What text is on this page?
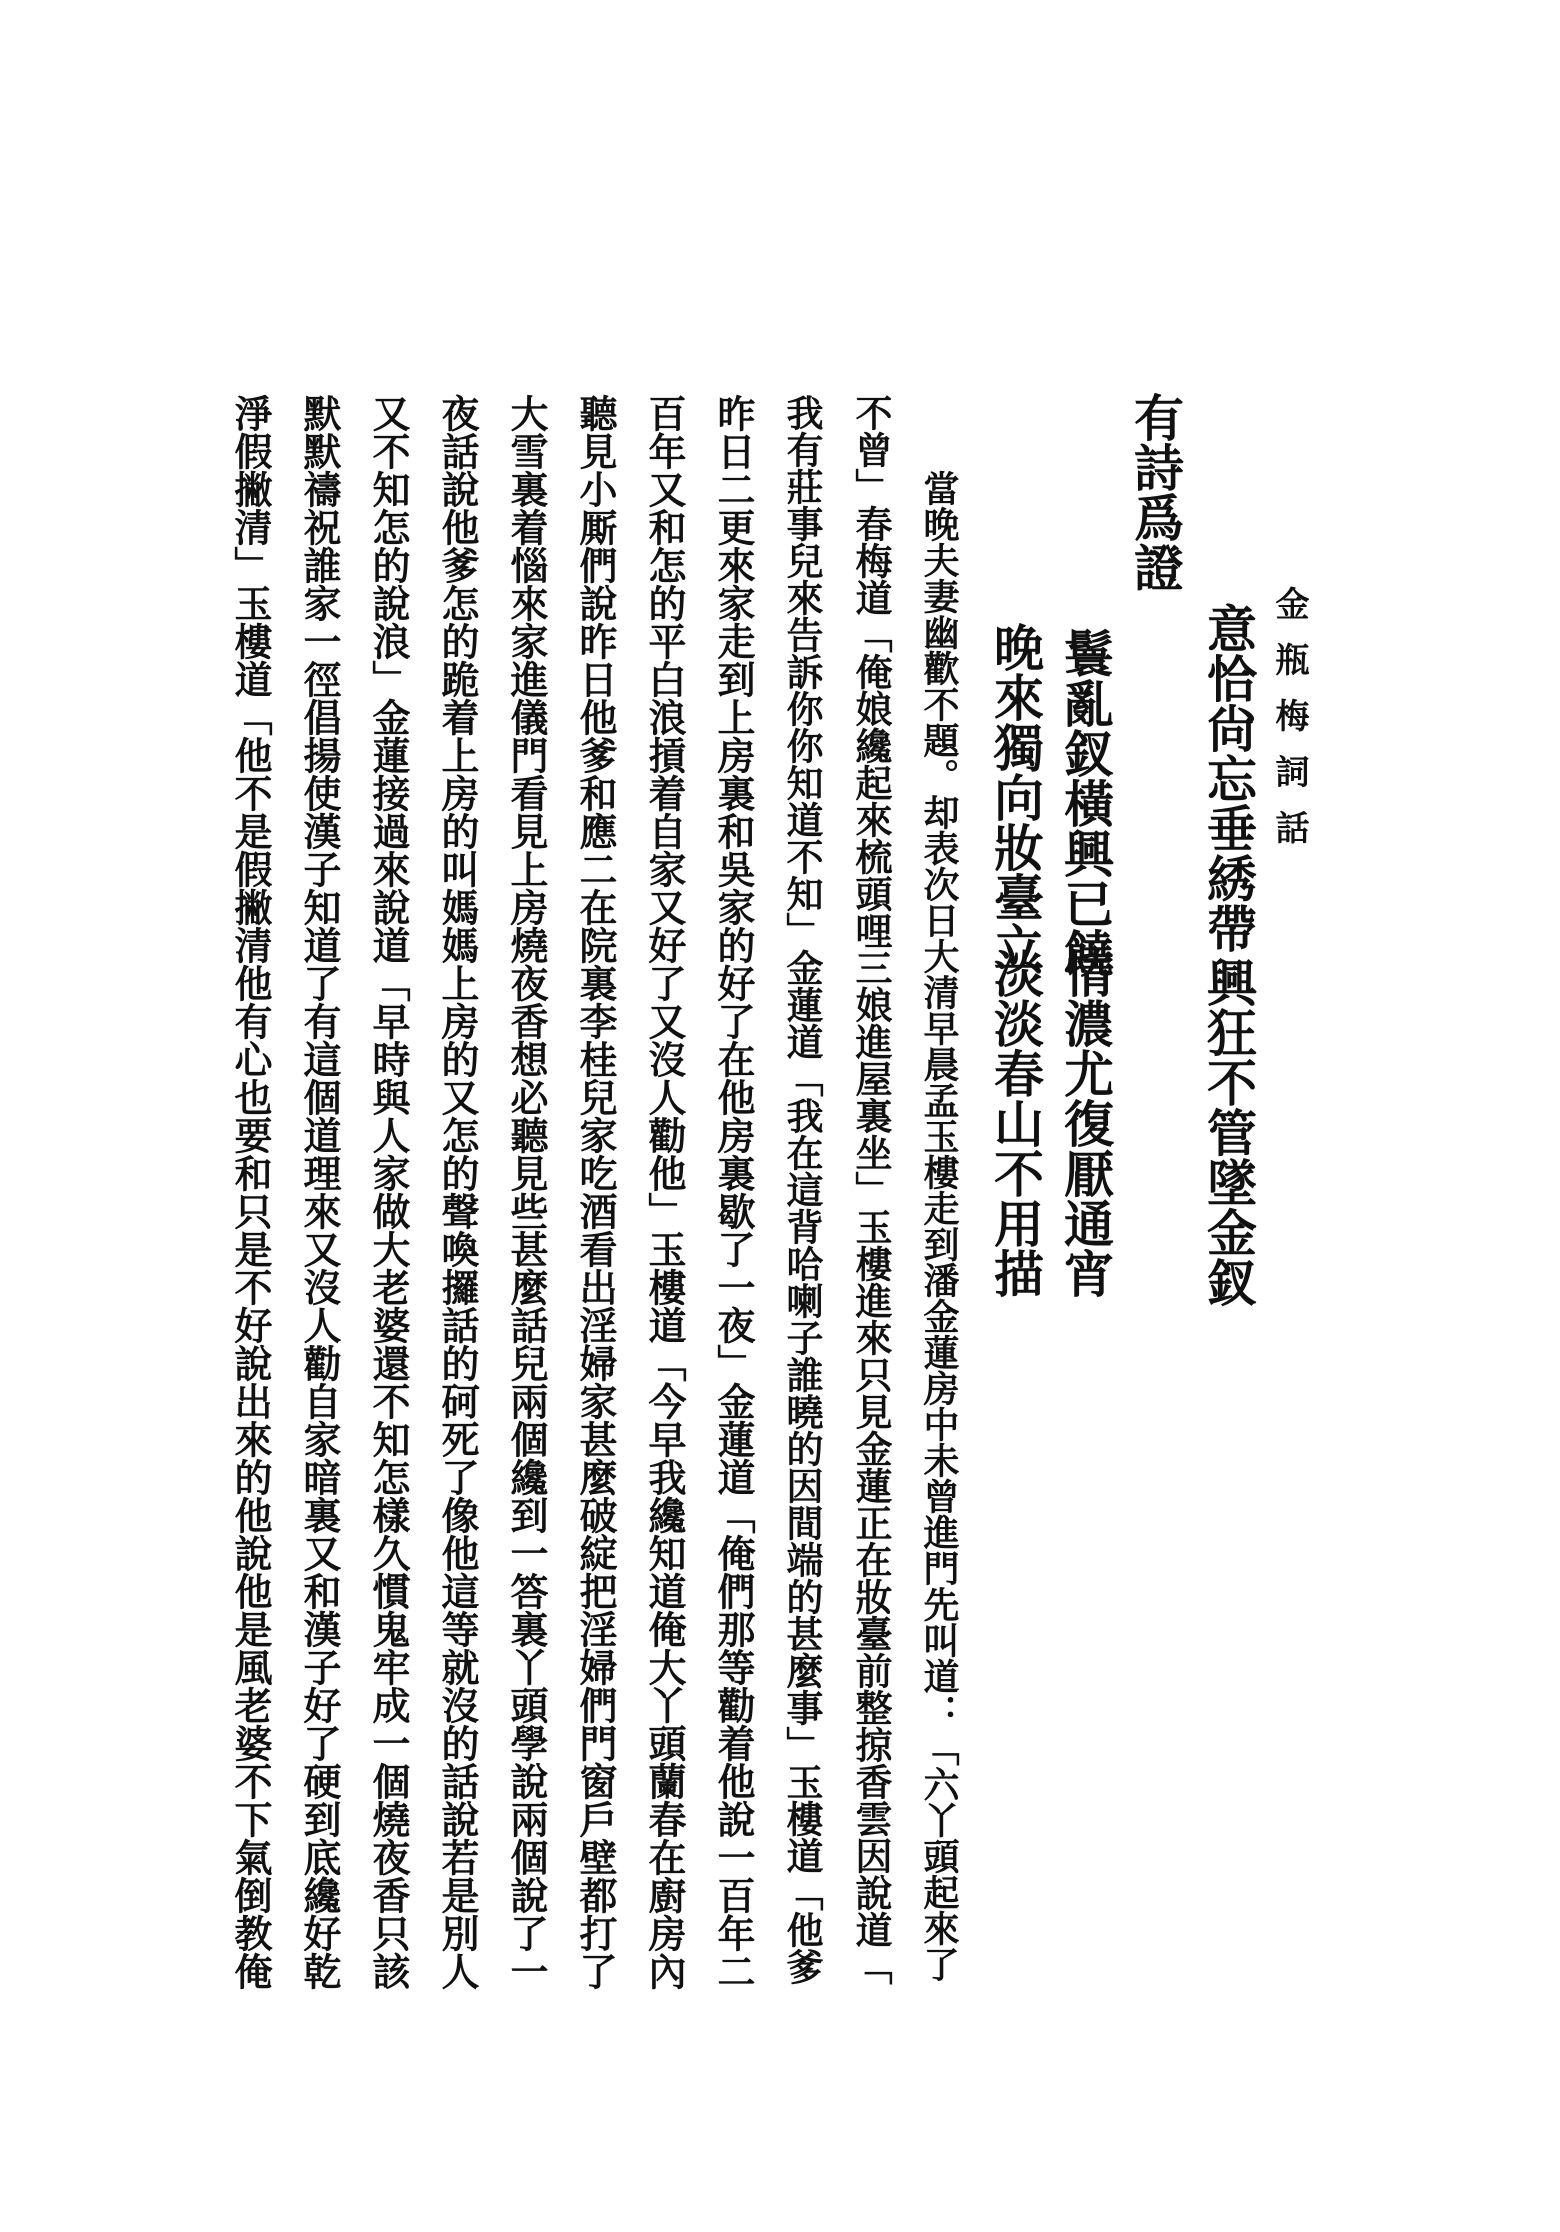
金瓶梅詞話
意恰尙忘垂綉帶
興狂不管墜金釵
鬟亂釵橫興已饒
情濃尤復厭通宵
晚來獨向妝臺立
淡淡春山不用描
有詩爲證
當晚夫妻幽歡不題。却表次日大清早晨孟玉樓走到潘金蓮房中未曾進門先叫道：「六丫頭起來了
不曾」春梅道「俺娘纔起來梳頭哩三娘進屋裏坐」玉樓進來只見金蓮正在妝臺前整掠香雲因說道「
我有莊事兒來告訴你你知道不知」金蓮道「我在這背哈喇子誰曉的因間端的甚麼事」玉樓道「他爹
昨日二更來家走到上房裏和吳家的好了在他房裏歇了一夜」金蓮道「俺們那等勸着他說一百年二
百年又和怎的平白浪摃着自家又好了又沒人勸他」玉樓道「今早我纔知道俺大丫頭蘭春在廚房內
聽見小厮們說昨日他爹和應二在院裏李桂兒家吃酒看出淫婦家甚麼破綻把淫婦們門窗戶壁都打了
大雪裏着惱來家進儀門看見上房燒夜香想必聽見些甚麼話兒兩個纔到一答裏丫頭學說兩個說了一
夜話說他爹怎的跪着上房的叫媽媽上房的又怎的聲喚攞話的砢死了像他這等就沒的話說若是別人
又不知怎的說浪」金蓮接過來說道「早時與人家做大老婆還不知怎樣久慣鬼牢成一個燒夜香只該
默默禱祝誰家一徑倡揚使漢子知道了有這個道理來又沒人勸自家暗裏又和漢子好了硬到底纔好乾
淨假撇清」玉樓道「他不是假撇清他有心也要和只是不好說出來的他說他是風老婆不下氣倒教俺
